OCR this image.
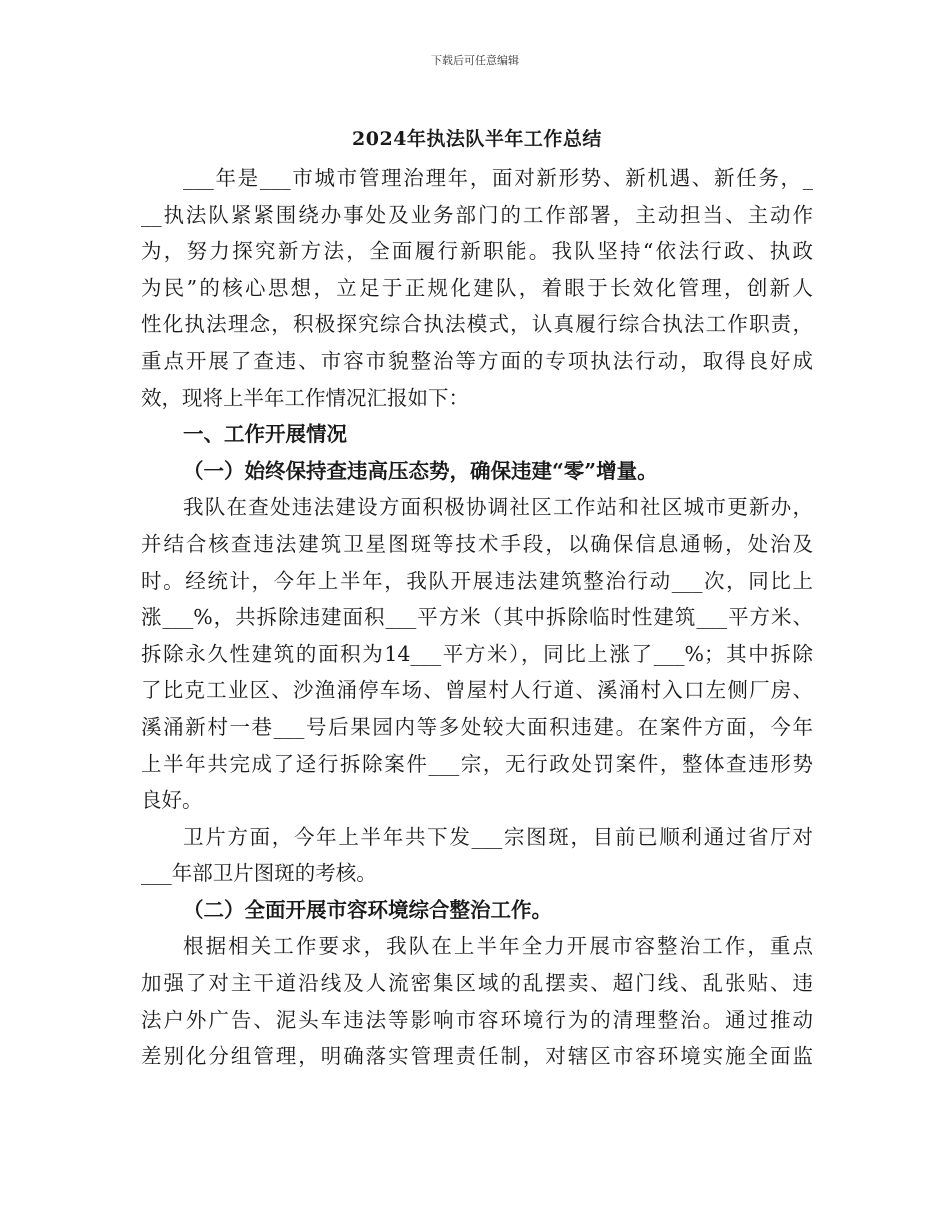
下载后可任意编辑
2024年执法队半年工作总结
___年是___市城市管理治理年，面对新形势、新机遇、新任务，_
__执法队紧紧围绕办事处及业务部门的工作部署，主动担当、主动作
为，努力探究新方法，全面履行新职能。我队坚持“依法行政、执政
为民”的核心思想，立足于正规化建队，着眼于长效化管理，创新人
性化执法理念，积极探究综合执法模式，认真履行综合执法工作职责，
重点开展了查违、市容市貌整治等方面的专项执法行动，取得良好成
效，现将上半年工作情况汇报如下：
一、工作开展情况
（一）始终保持查违高压态势，确保违建“零”增量。
我队在查处违法建设方面积极协调社区工作站和社区城市更新办，
并结合核查违法建筑卫星图斑等技术手段，以确保信息通畅，处治及
时。经统计，今年上半年，我队开展违法建筑整治行动___次，同比上
涨___%，共拆除违建面积___平方米（其中拆除临时性建筑___平方米、
拆除永久性建筑的面积为14___平方米），同比上涨了___%；其中拆除
了比克工业区、沙渔涌停车场、曾屋村人行道、溪涌村入口左侧厂房、
溪涌新村一巷___号后果园内等多处较大面积违建。在案件方面，今年
上半年共完成了迳行拆除案件___宗，无行政处罚案件，整体查违形势
良好。
卫片方面，今年上半年共下发___宗图斑，目前已顺利通过省厅对
___年部卫片图斑的考核。
（二）全面开展市容环境综合整治工作。
根据相关工作要求，我队在上半年全力开展市容整治工作，重点
加强了对主干道沿线及人流密集区域的乱摆卖、超门线、乱张贴、违
法户外广告、泥头车违法等影响市容环境行为的清理整治。通过推动
差别化分组管理，明确落实管理责任制，对辖区市容环境实施全面监
